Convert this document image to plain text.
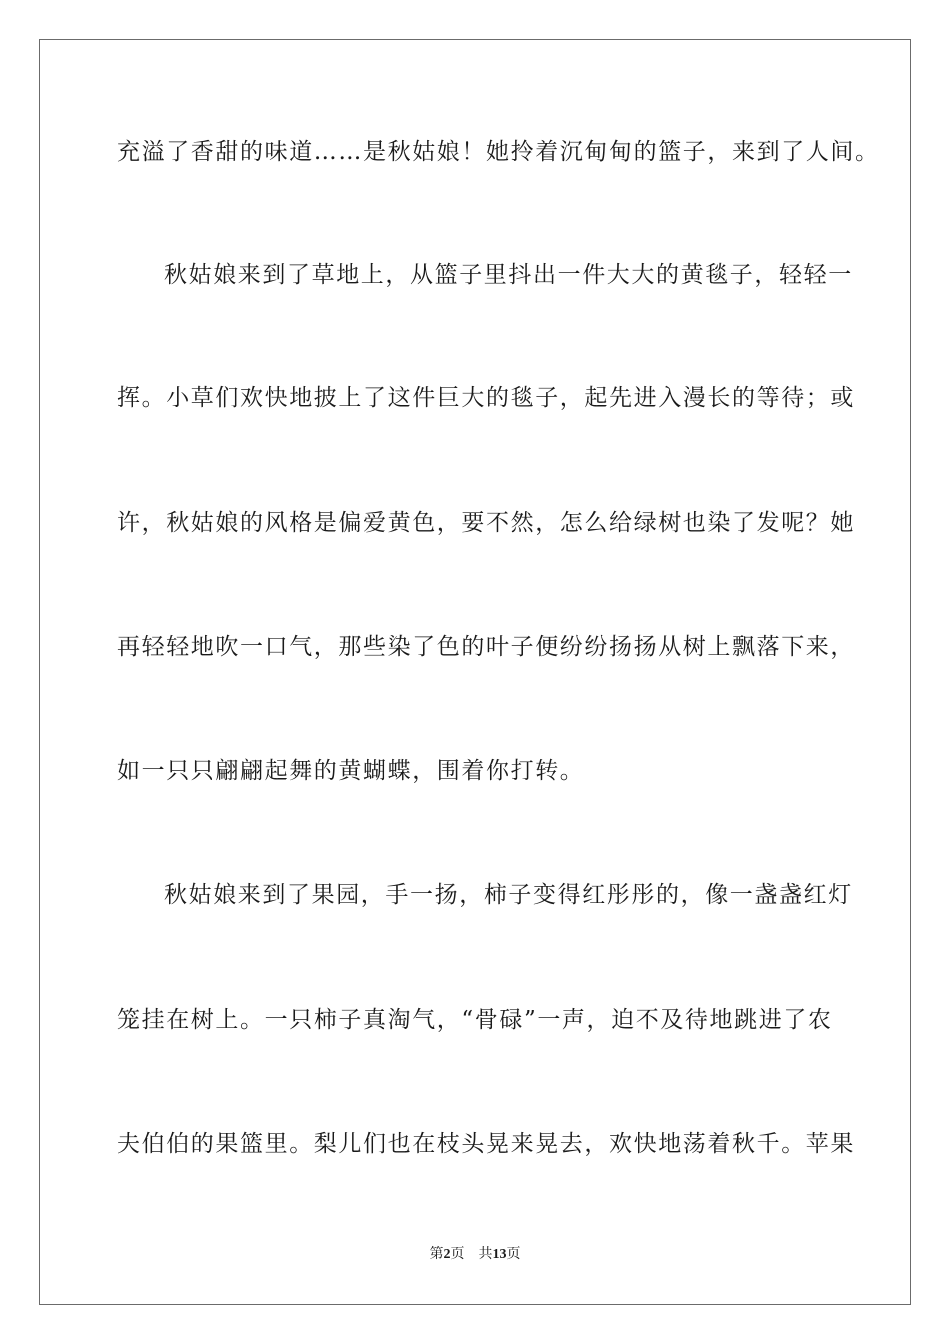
充溢了香甜的味道……是秋姑娘！她拎着沉甸甸的篮子，来到了人间。
秋姑娘来到了草地上，从篮子里抖出一件大大的黄毯子，轻轻一
挥。小草们欢快地披上了这件巨大的毯子，起先进入漫长的等待；或
许，秋姑娘的风格是偏爱黄色，要不然，怎么给绿树也染了发呢？她
再轻轻地吹一口气，那些染了色的叶子便纷纷扬扬从树上飘落下来，
如一只只翩翩起舞的黄蝴蝶，围着你打转。
秋姑娘来到了果园，手一扬，柿子变得红彤彤的，像一盏盏红灯
笼挂在树上。一只柿子真淘气，“骨碌”一声，迫不及待地跳进了农
夫伯伯的果篮里。梨儿们也在枝头晃来晃去，欢快地荡着秋千。苹果
第2页 共13页
